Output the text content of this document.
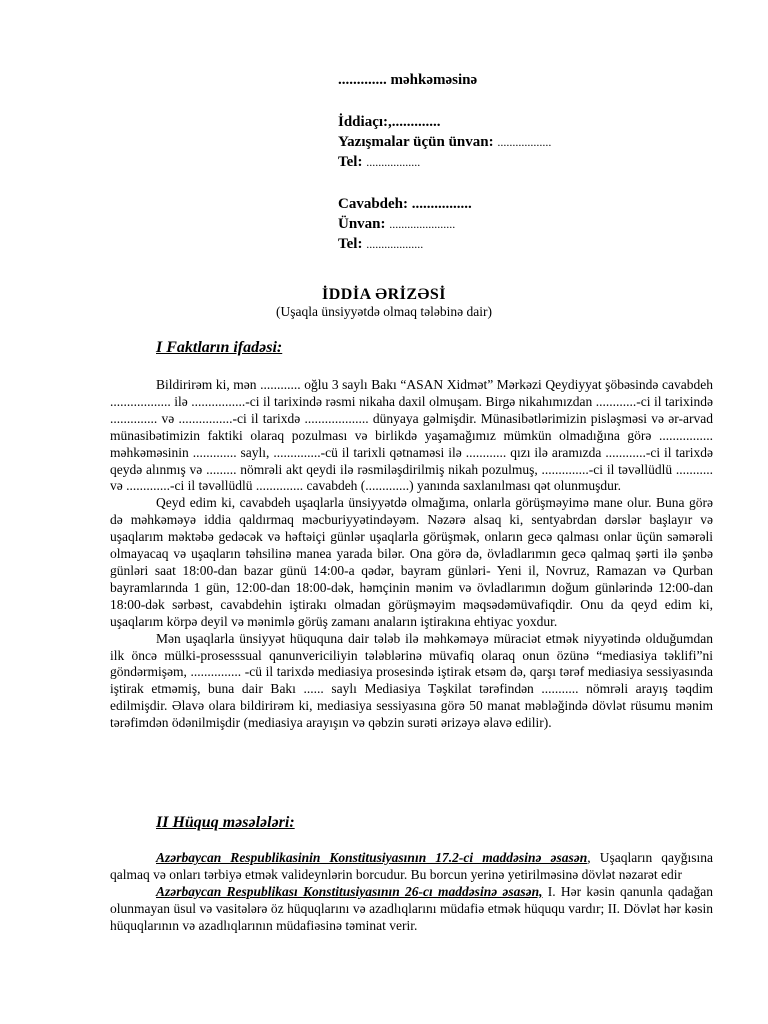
............. məhkəməsinə
İddiaçı:,.............
Yazışmalar üçün ünvan: ..................
Tel: ..................
Cavabdeh: ................
Ünvan: ......................
Tel: ...................
İDDİA ƏRİZƏSİ
(Uşaqla ünsiyyətdə olmaq tələbinə dair)
I Faktların ifadəsi:

Bildirirəm ki, mən ............ oğlu 3 saylı Bakı “ASAN Xidmət” Mərkəzi Qeydiyyat şöbəsində cavabdeh .................. ilə ................-ci il tarixində rəsmi nikaha daxil olmuşam. Birgə nikahımızdan ............-ci il tarixində .............. və ................-ci il tarixdə ................... dünyaya gəlmişdir. Münasibətlərimizin pisləşməsi və ər-arvad münasibətimizin faktiki olaraq pozulması və birlikdə yaşamağımız mümkün olmadığına görə ................ məhkəməsinin ............. saylı, ..............-cü il tarixli qətnaməsi ilə ............ qızı ilə aramızda ............-ci il tarixdə qeydə alınmış və ......... nömrəli akt qeydi ilə rəsmiləşdirilmiş nikah pozulmuş, ..............-ci il təvəllüdlü ........... və .............-ci il təvəllüdlü .............. cavabdeh (.............) yanında saxlanılması qət olunmuşdur.

Qeyd edim ki, cavabdeh uşaqlarla ünsiyyətdə olmağıma, onlarla görüşməyimə mane olur. Buna görə də məhkəməyə iddia qaldırmaq məcburiyyətindəyəm. Nəzərə alsaq ki, sentyabrdan dərslər başlayır və uşaqlarım məktəbə gedəcək və həftəiçi günlər uşaqlarla görüşmək, onların gecə qalması onlar üçün səmərəli olmayacaq və uşaqların təhsilinə manea yarada bilər. Ona görə də, övladlarımın gecə qalmaq şərti ilə şənbə günləri saat 18:00-dan bazar günü 14:00-a qədər, bayram günləri- Yeni il, Novruz, Ramazan və Qurban bayramlarında 1 gün, 12:00-dan 18:00-dək, həmçinin mənim və övladlarımın doğum günlərində 12:00-dan 18:00-dək sərbəst, cavabdehin iştirakı olmadan görüşməyim məqsədəmüvafiqdir. Onu da qeyd edim ki, uşaqlarım körpə deyil və mənimlə görüş zamanı anaların iştirakına ehtiyac yoxdur.

Mən uşaqlarla ünsiyyət hüququna dair tələb ilə məhkəməyə müraciət etmək niyyətində olduğumdan ilk öncə mülki-prosesssual qanunvericiliyin tələblərinə müvafiq olaraq onun özünə “mediasiya təklifi”ni göndərmişəm, ............... -cü il tarixdə mediasiya prosesində iştirak etsəm də, qarşı tərəf mediasiya sessiyasında iştirak etməmiş, buna dair Bakı ...... saylı Mediasiya Təşkilat tərəfindən ........... nömrəli arayış təqdim edilmişdir. Əlavə olara bildirirəm ki, mediasiya sessiyasına görə 50 manat məbləğində dövlət rüsumu mənim tərəfimdən ödənilmişdir (mediasiya arayışın və qəbzin surəti ərizəyə əlavə edilir).

II Hüquq məsələləri:

Azərbaycan Respublikasinin Konstitusiyasının 17.2-ci maddəsinə əsasən, Uşaqların qayğısına qalmaq və onları tərbiyə etmək valideynlərin borcudur. Bu borcun yerinə yetirilməsinə dövlət nəzarət edir

Azərbaycan Respublikası Konstitusiyasının 26-cı maddəsinə əsasən, I. Hər kəsin qanunla qadağan olunmayan üsul və vasitələrə öz hüquqlarını və azadlıqlarını müdafiə etmək hüququ vardır; II. Dövlət hər kəsin hüquqlarının və azadlıqlarının müdafiəsinə təminat verir.
